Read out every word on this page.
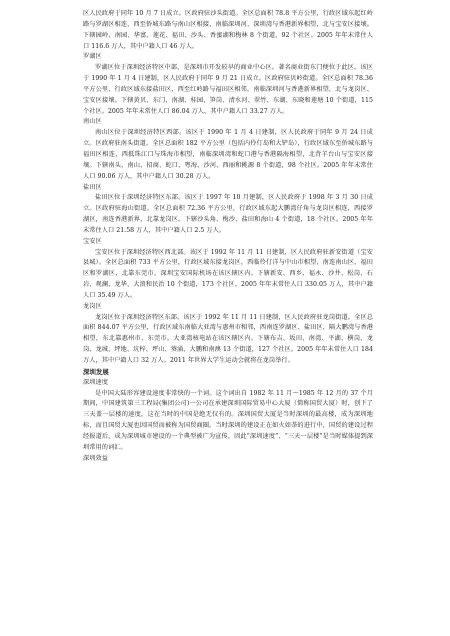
区人民政府于同年 10 月 7 日成立。区政府驻沙头街道。全区总面积 78.8 平方公里，行政区域东起红岭路与罗湖区相连，西至侨城东路与南山区相接，南临深圳河、深圳湾与香港新界相望，北与宝安区接壤。下辖园岭、南园、华富、莲花、福田、沙头、香蜜湖和梅林 8 个街道，92 个社区。2005 年年末常住人口 116.6 万人，其中户籍人口 46 万人。

罗湖区

罗湖区位于深圳经济特区中部，是深圳市开发较早的商业中心区。著名商业街东门便位于此区。该区于 1990 年 1 月 4 日建制，区人民政府于同年 9 月 21 日成立。区政府驻贝岭街道。全区总面积 78.36 平方公里，行政区域东接盐田区，西至红岭路与福田区相邻，南临深圳河与香港新界相望，北与龙岗区、宝安区接壤。下辖黄贝、东门、南湖、桂园、笋岗、清水河、翠竹、东湖、东晓和莲塘 10 个街道，115 个社区。2005 年年末常住人口 86.04 万人，其中户籍人口 33.27 万人。

南山区

南山区位于深圳经济特区西部。该区于 1990 年 1 月 4 日建制，区人民政府于同年 9 月 24 日成立。区政府驻南头街道。全区总面积 182 平方公里（包括内伶仃岛和大铲岛），行政区域东至侨城东路与福田区相连，西抵珠江口与珠海市相望，南临深圳湾和蛇口港与香港隔海相望，北背羊台山与宝安区接壤。下辖南头、南山、招商、蛇口、粤海、沙河、西丽和桃源 8 个街道，98 个社区。2005 年年末常住人口 90.06 万人，其中户籍人口 30.28 万人。

盐田区

盐田区位于深圳经济特区东部。该区于 1997 年 10 月建制，区人民政府于 1998 年 3 月 30 日成立。区政府驻海山街道。全区总面积 72.36 平方公里，行政区域东起大鹏湾仔角与龙岗区相连，西接罗湖区，南连香港新界，北靠龙岗区。下辖沙头角、梅沙、盐田和海山 4 个街道，18 个社区。2005 年年末常住人口 21.58 万人，其中户籍人口 2.5 万人。

宝安区

宝安区位于深圳经济特区西北部。该区于 1992 年 11 月 11 日建制，区人民政府驻新安街道（宝安县城）。全区总面积 733 平方公里，行政区域东接龙岗区，西临伶仃洋与中山市相望，南连南山区、福田区和罗湖区，北靠东莞市。深圳宝安国际机场在该区辖区内。下辖新安、西乡、福永、沙井、松岗、石岩、观澜、龙华、大浪和民治 10 个街道，173 个社区。2005 年年末常住人口 330.05 万人，其中户籍人口 35.49 万人。

龙岗区

龙岗区位于深圳经济特区东部。该区于 1992 年 11 月 11 日建制，区人民政府驻龙岗街道。全区总面积 844.07 平方公里，行政区域东南临大亚湾与惠州市相邻，西南连罗湖区、盐田区，隔大鹏湾与香港相望，东北靠惠州市、东莞市。大亚湾核电站在该区辖区内。下辖布吉、坂田、南湾、平湖、横岗、龙岗、龙城、坪地、坑梓、坪山、葵涌、大鹏和南澳 13 个街道，127 个社区。2005 年年末常住人口 184 万人，其中户籍人口 32 万人。2011 年世界大学生运动会就将在龙岗举行。

深圳发展

深圳速度

是中国大陆形容建设速度非常快的一个词。这个词出自 1982 年 11 月～1985 年 12 月的 37 个月期间，中国建筑第三工程局(集团公司)一公司在承建深圳国际贸易中心大厦（简称国贸大厦）时，创下了三天盖一层楼的速度，这在当时的中国是绝无仅有的。深圳国贸大厦是当时深圳的最高楼，成为深圳地标，而且国贸大厦也因国贸而被称为国贸商圈。当时深圳的建设正在如火如荼的进行中，国贸的建设过程经报道后，成为深圳城市建设的一个典型被广为宣传。因此“深圳速度”、“三天一层楼”是当时媒体提到深圳常用的词汇。

深圳效益
